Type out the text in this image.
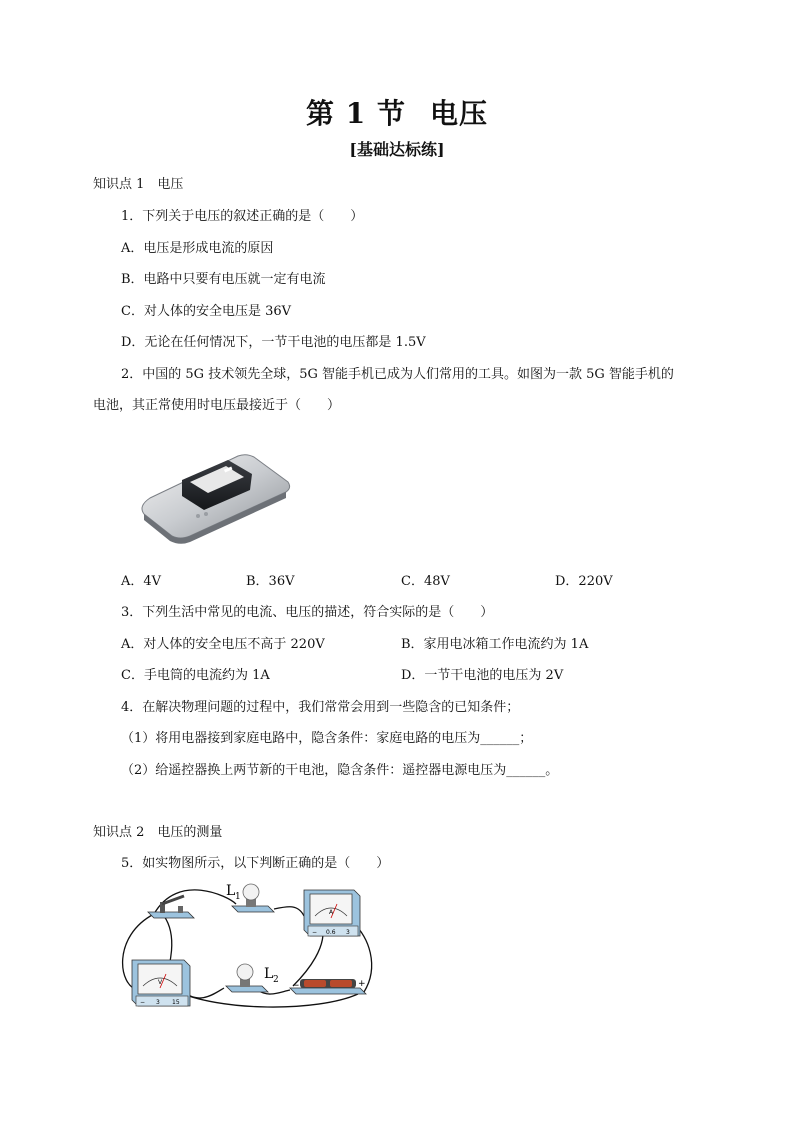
第 1 节 电压
[基础达标练]
知识点 1　电压
1．下列关于电压的叙述正确的是（　　）
A．电压是形成电流的原因
B．电路中只要有电压就一定有电流
C．对人体的安全电压是 36V
D．无论在任何情况下，一节干电池的电压都是 1.5V
2．中国的 5G 技术领先全球，5G 智能手机已成为人们常用的工具。如图为一款 5G 智能手机的
电池，其正常使用时电压最接近于（　　）
A．4V	B．36V	C．48V	D．220V
3．下列生活中常见的电流、电压的描述，符合实际的是（　　）
A．对人体的安全电压不高于 220V	B．家用电冰箱工作电流约为 1A
C．手电筒的电流约为 1A	D．一节干电池的电压为 2V
4．在解决物理问题的过程中，我们常常会用到一些隐含的已知条件；
（1）将用电器接到家庭电路中，隐含条件：家庭电路的电压为______；
（2）给遥控器换上两节新的干电池，隐含条件：遥控器电源电压为______。
知识点 2　电压的测量
5．如实物图所示，以下判断正确的是（　　）
L 1
A
− 0.6 3
V
− 3 15
L 2
−	+
